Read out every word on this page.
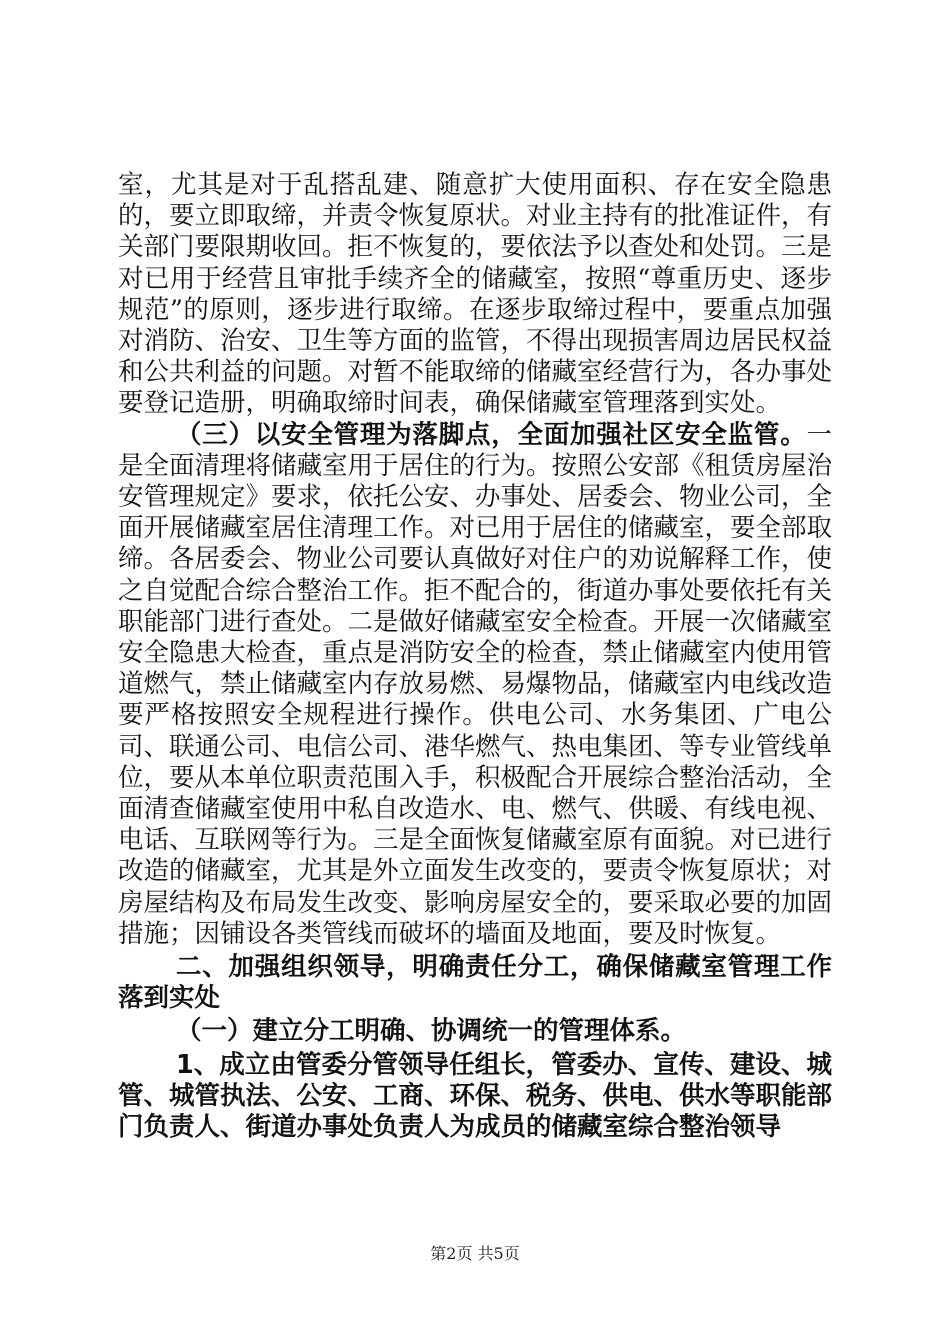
室，尤其是对于乱搭乱建、随意扩大使用面积、存在安全隐患的，要立即取缔，并责令恢复原状。对业主持有的批准证件，有关部门要限期收回。拒不恢复的，要依法予以查处和处罚。三是对已用于经营且审批手续齐全的储藏室，按照“尊重历史、逐步规范”的原则，逐步进行取缔。在逐步取缔过程中，要重点加强对消防、治安、卫生等方面的监管，不得出现损害周边居民权益和公共利益的问题。对暂不能取缔的储藏室经营行为，各办事处要登记造册，明确取缔时间表，确保储藏室管理落到实处。

（三）以安全管理为落脚点，全面加强社区安全监管。一是全面清理将储藏室用于居住的行为。按照公安部《租赁房屋治安管理规定》要求，依托公安、办事处、居委会、物业公司，全面开展储藏室居住清理工作。对已用于居住的储藏室，要全部取缔。各居委会、物业公司要认真做好对住户的劝说解释工作，使之自觉配合综合整治工作。拒不配合的，街道办事处要依托有关职能部门进行查处。二是做好储藏室安全检查。开展一次储藏室安全隐患大检查，重点是消防安全的检查，禁止储藏室内使用管道燃气，禁止储藏室内存放易燃、易爆物品，储藏室内电线改造要严格按照安全规程进行操作。供电公司、水务集团、广电公司、联通公司、电信公司、港华燃气、热电集团、等专业管线单位，要从本单位职责范围入手，积极配合开展综合整治活动，全面清查储藏室使用中私自改造水、电、燃气、供暖、有线电视、电话、互联网等行为。三是全面恢复储藏室原有面貌。对已进行改造的储藏室，尤其是外立面发生改变的，要责令恢复原状；对房屋结构及布局发生改变、影响房屋安全的，要采取必要的加固措施；因铺设各类管线而破坏的墙面及地面，要及时恢复。

二、加强组织领导，明确责任分工，确保储藏室管理工作落到实处

（一）建立分工明确、协调统一的管理体系。

1、成立由管委分管领导任组长，管委办、宣传、建设、城管、城管执法、公安、工商、环保、税务、供电、供水等职能部门负责人、街道办事处负责人为成员的储藏室综合整治领导

第2页 共5页
